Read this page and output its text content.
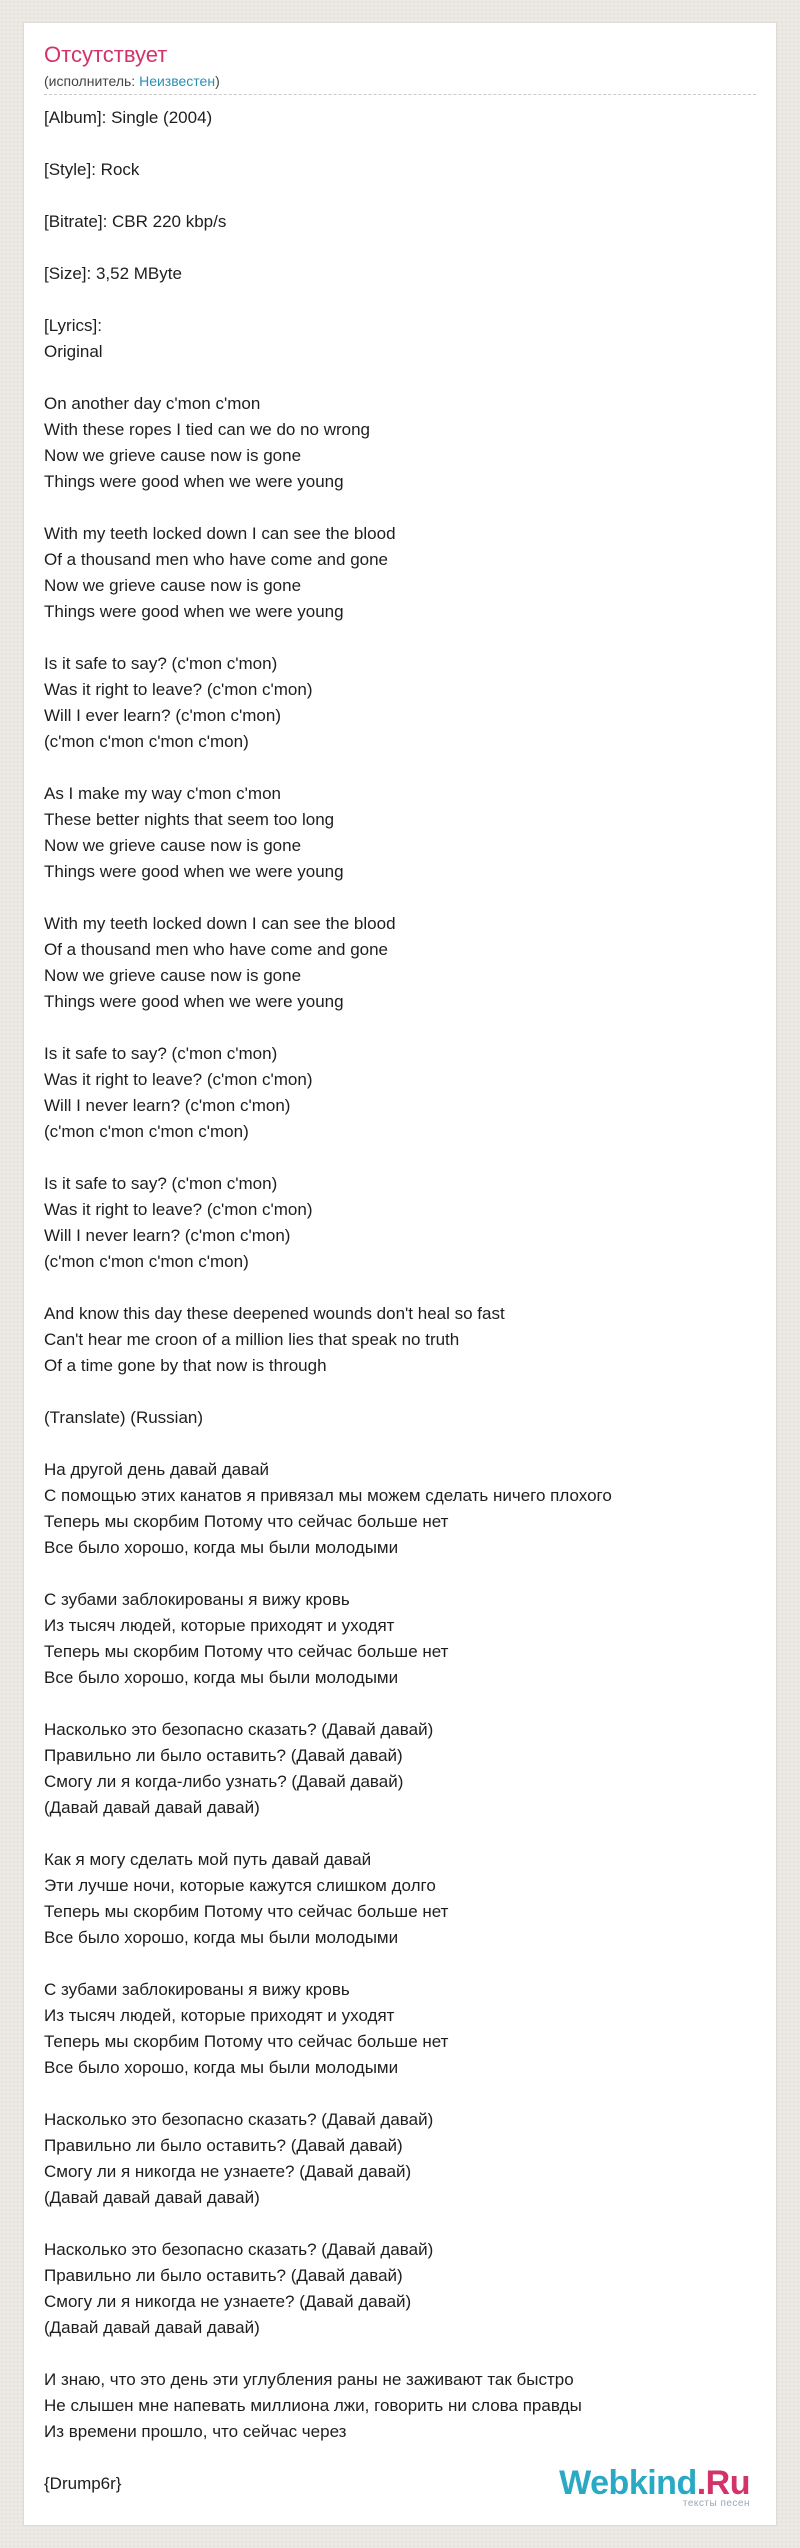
Отсутствует
(исполнитель: Неизвестен)
[Album]: Single (2004)
[Style]: Rock
[Bitrate]: CBR 220 kbp/s
[Size]: 3,52 MByte
[Lyrics]:
Original
On another day c'mon c'mon
With these ropes I tied can we do no wrong
Now we grieve cause now is gone
Things were good when we were young
With my teeth locked down I can see the blood
Of a thousand men who have come and gone
Now we grieve cause now is gone
Things were good when we were young
Is it safe to say? (c'mon c'mon)
Was it right to leave? (c'mon c'mon)
Will I ever learn? (c'mon c'mon)
(c'mon c'mon c'mon c'mon)
As I make my way c'mon c'mon
These better nights that seem too long
Now we grieve cause now is gone
Things were good when we were young
With my teeth locked down I can see the blood
Of a thousand men who have come and gone
Now we grieve cause now is gone
Things were good when we were young
Is it safe to say? (c'mon c'mon)
Was it right to leave? (c'mon c'mon)
Will I never learn? (c'mon c'mon)
(c'mon c'mon c'mon c'mon)
Is it safe to say? (c'mon c'mon)
Was it right to leave? (c'mon c'mon)
Will I never learn? (c'mon c'mon)
(c'mon c'mon c'mon c'mon)
And know this day these deepened wounds don't heal so fast
Can't hear me croon of a million lies that speak no truth
Of a time gone by that now is through
(Translate) (Russian)
На другой день давай давай
С помощью этих канатов я привязал мы можем сделать ничего плохого
Теперь мы скорбим Потому что сейчас больше нет
Все было хорошо, когда мы были молодыми
С зубами заблокированы я вижу кровь
Из тысяч людей, которые приходят и уходят
Теперь мы скорбим Потому что сейчас больше нет
Все было хорошо, когда мы были молодыми
Насколько это безопасно сказать? (Давай давай)
Правильно ли было оставить? (Давай давай)
Смогу ли я когда-либо узнать? (Давай давай)
(Давай давай давай давай)
Как я могу сделать мой путь давай давай
Эти лучше ночи, которые кажутся слишком долго
Теперь мы скорбим Потому что сейчас больше нет
Все было хорошо, когда мы были молодыми
С зубами заблокированы я вижу кровь
Из тысяч людей, которые приходят и уходят
Теперь мы скорбим Потому что сейчас больше нет
Все было хорошо, когда мы были молодыми
Насколько это безопасно сказать? (Давай давай)
Правильно ли было оставить? (Давай давай)
Смогу ли я никогда не узнаете? (Давай давай)
(Давай давай давай давай)
Насколько это безопасно сказать? (Давай давай)
Правильно ли было оставить? (Давай давай)
Смогу ли я никогда не узнаете? (Давай давай)
(Давай давай давай давай)
И знаю, что это день эти углубления раны не заживают так быстро
Не слышен мне напевать миллиона лжи, говорить ни слова правды
Из времени прошло, что сейчас через
{Drump6r}	Webkind.Ru
тексты песен
